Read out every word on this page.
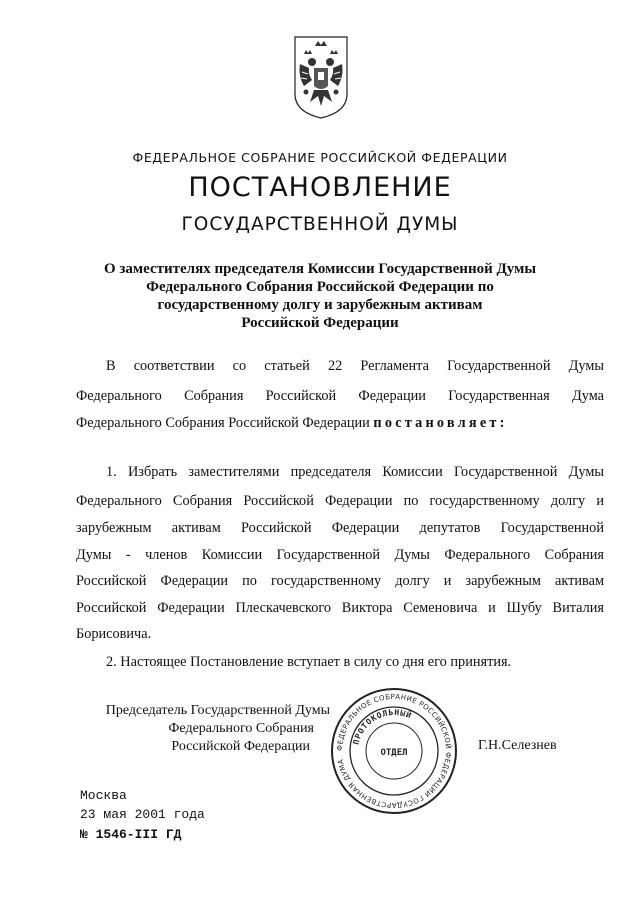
ФЕДЕРАЛЬНОЕ СОБРАНИЕ РОССИЙСКОЙ ФЕДЕРАЦИИ
ПОСТАНОВЛЕНИЕ
ГОСУДАРСТВЕННОЙ ДУМЫ
О заместителях председателя Комиссии Государственной Думы
Федерального Собрания Российской Федерации по
государственному долгу и зарубежным активам
Российской Федерации
В соответствии со статьей 22 Регламента Государственной Думы
Федерального Собрания Российской Федерации Государственная Дума
Федерального Собрания Российской Федерации постановляет:
1. Избрать заместителями председателя Комиссии Государственной Думы
Федерального Собрания Российской Федерации по государственному долгу и
зарубежным активам Российской Федерации депутатов Государственной
Думы - членов Комиссии Государственной Думы Федерального Собрания
Российской Федерации по государственному долгу и зарубежным активам
Российской Федерации Плескачевского Виктора Семеновича и Шубу Виталия
Борисовича.
2. Настоящее Постановление вступает в силу со дня его принятия.
Председатель Государственной Думы
Федерального Собрания
Российской Федерации	Г.Н.Селезнев
ФЕДЕРАЛЬНОЕ СОБРАНИЕ РОССИЙСКОЙ ФЕДЕРАЦИИ ГОСУДАРСТВЕННАЯ ДУМА
ПРОТОКОЛЬНЫЙ
ОТДЕЛ
Москва
23 мая 2001 года
№ 1546-III ГД
